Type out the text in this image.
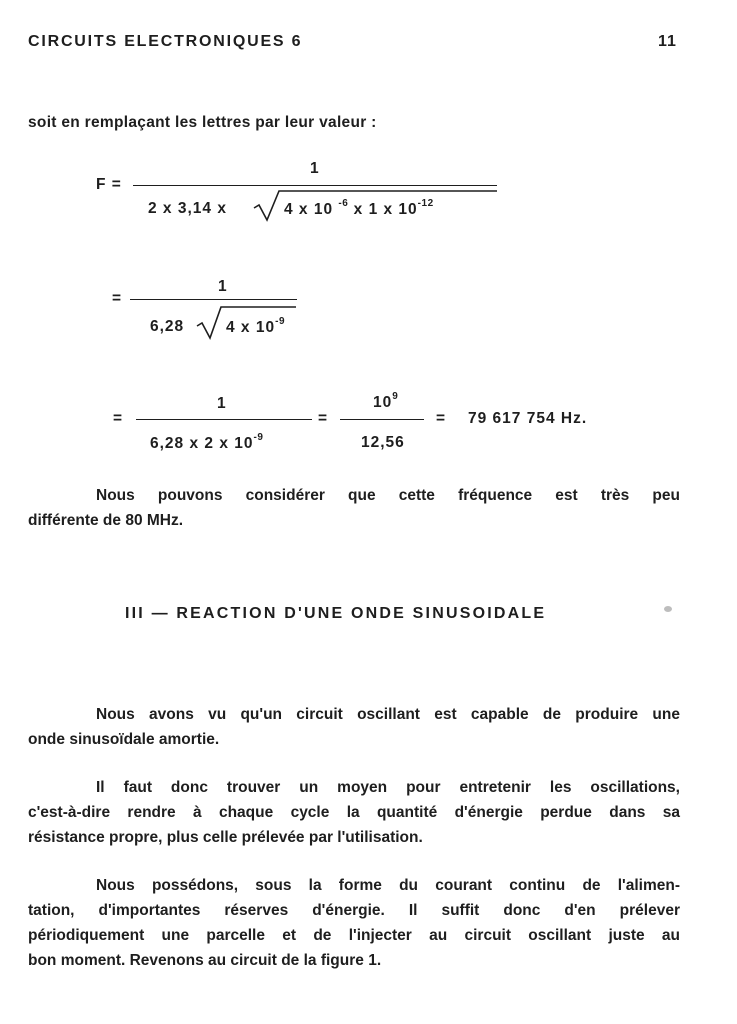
CIRCUITS ELECTRONIQUES 6	11
soit en remplaçant les lettres par leur valeur :
F =
1
2 x 3,14 x	4 x 10 $^{-6}$ x 1 x $10^{-12}$
=
1
6,28	4 x $10^{-9}$
=
1
6,28 x 2 x $10^{-9}$
=
$10^9$
12,56
= 79 617 754 Hz.
Nous pouvons considérer que cette fréquence est très peu
différente de 80 MHz.
III — REACTION D'UNE ONDE SINUSOIDALE
Nous avons vu qu'un circuit oscillant est capable de produire une
onde sinusoïdale amortie.
Il faut donc trouver un moyen pour entretenir les oscillations,
c'est-à-dire rendre à chaque cycle la quantité d'énergie perdue dans sa
résistance propre, plus celle prélevée par l'utilisation.
Nous possédons, sous la forme du courant continu de l'alimen-
tation, d'importantes réserves d'énergie. Il suffit donc d'en prélever
périodiquement une parcelle et de l'injecter au circuit oscillant juste au
bon moment. Revenons au circuit de la figure 1.
